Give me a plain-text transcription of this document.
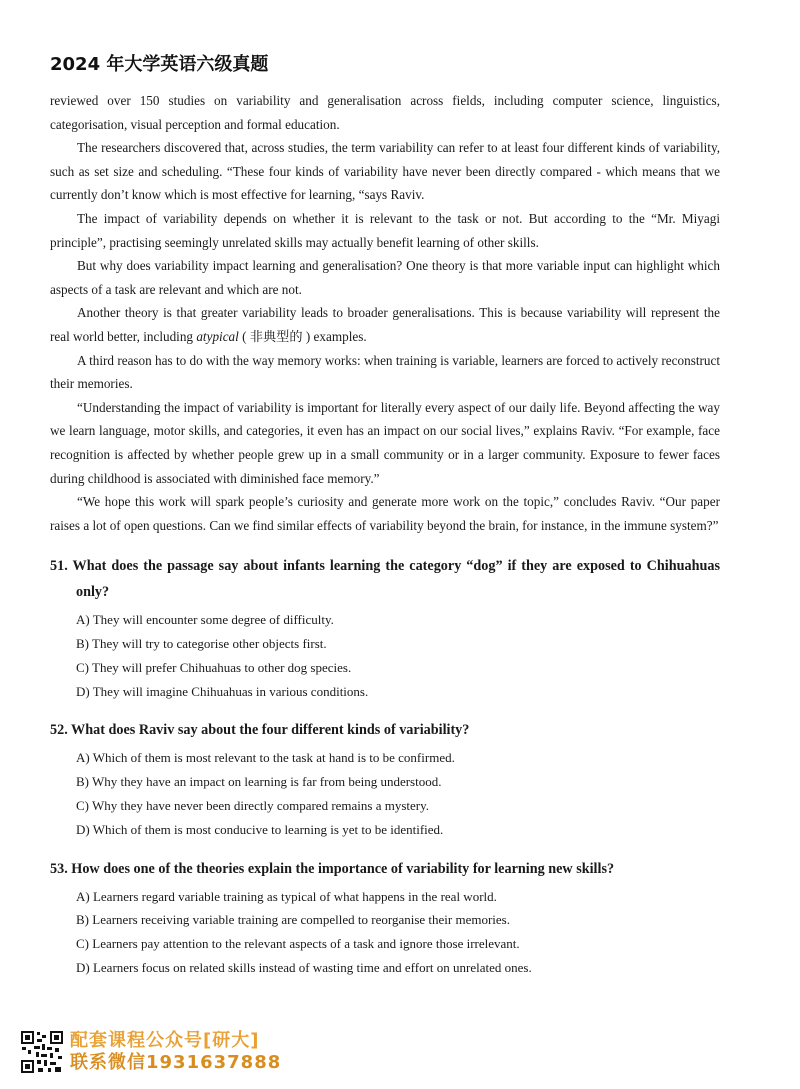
2024 年大学英语六级真题

reviewed over 150 studies on variability and generalisation across fields, including computer science, linguistics, categorisation, visual perception and formal education.

The researchers discovered that, across studies, the term variability can refer to at least four different kinds of variability, such as set size and scheduling. “These four kinds of variability have never been directly compared - which means that we currently don’t know which is most effective for learning, “says Raviv.

The impact of variability depends on whether it is relevant to the task or not. But according to the “Mr. Miyagi principle”, practising seemingly unrelated skills may actually benefit learning of other skills.

But why does variability impact learning and generalisation? One theory is that more variable input can highlight which aspects of a task are relevant and which are not.

Another theory is that greater variability leads to broader generalisations. This is because variability will represent the real world better, including atypical ( 非典型的 ) examples.

A third reason has to do with the way memory works: when training is variable, learners are forced to actively reconstruct their memories.

“Understanding the impact of variability is important for literally every aspect of our daily life. Beyond affecting the way we learn language, motor skills, and categories, it even has an impact on our social lives,” explains Raviv. “For example, face recognition is affected by whether people grew up in a small community or in a larger community. Exposure to fewer faces during childhood is associated with diminished face memory.”

“We hope this work will spark people’s curiosity and generate more work on the topic,” concludes Raviv. “Our paper raises a lot of open questions. Can we find similar effects of variability beyond the brain, for instance, in the immune system?”

51. What does the passage say about infants learning the category “dog” if they are exposed to Chihuahuas only?
A) They will encounter some degree of difficulty.
B) They will try to categorise other objects first.
C) They will prefer Chihuahuas to other dog species.
D) They will imagine Chihuahuas in various conditions.
52. What does Raviv say about the four different kinds of variability?
A) Which of them is most relevant to the task at hand is to be confirmed.
B) Why they have an impact on learning is far from being understood.
C) Why they have never been directly compared remains a mystery.
D) Which of them is most conducive to learning is yet to be identified.
53. How does one of the theories explain the importance of variability for learning new skills?
A) Learners regard variable training as typical of what happens in the real world.
B) Learners receiving variable training are compelled to reorganise their memories.
C) Learners pay attention to the relevant aspects of a task and ignore those irrelevant.
D) Learners focus on related skills instead of wasting time and effort on unrelated ones.
配套课程公众号[研大]
联系微信1931637888
